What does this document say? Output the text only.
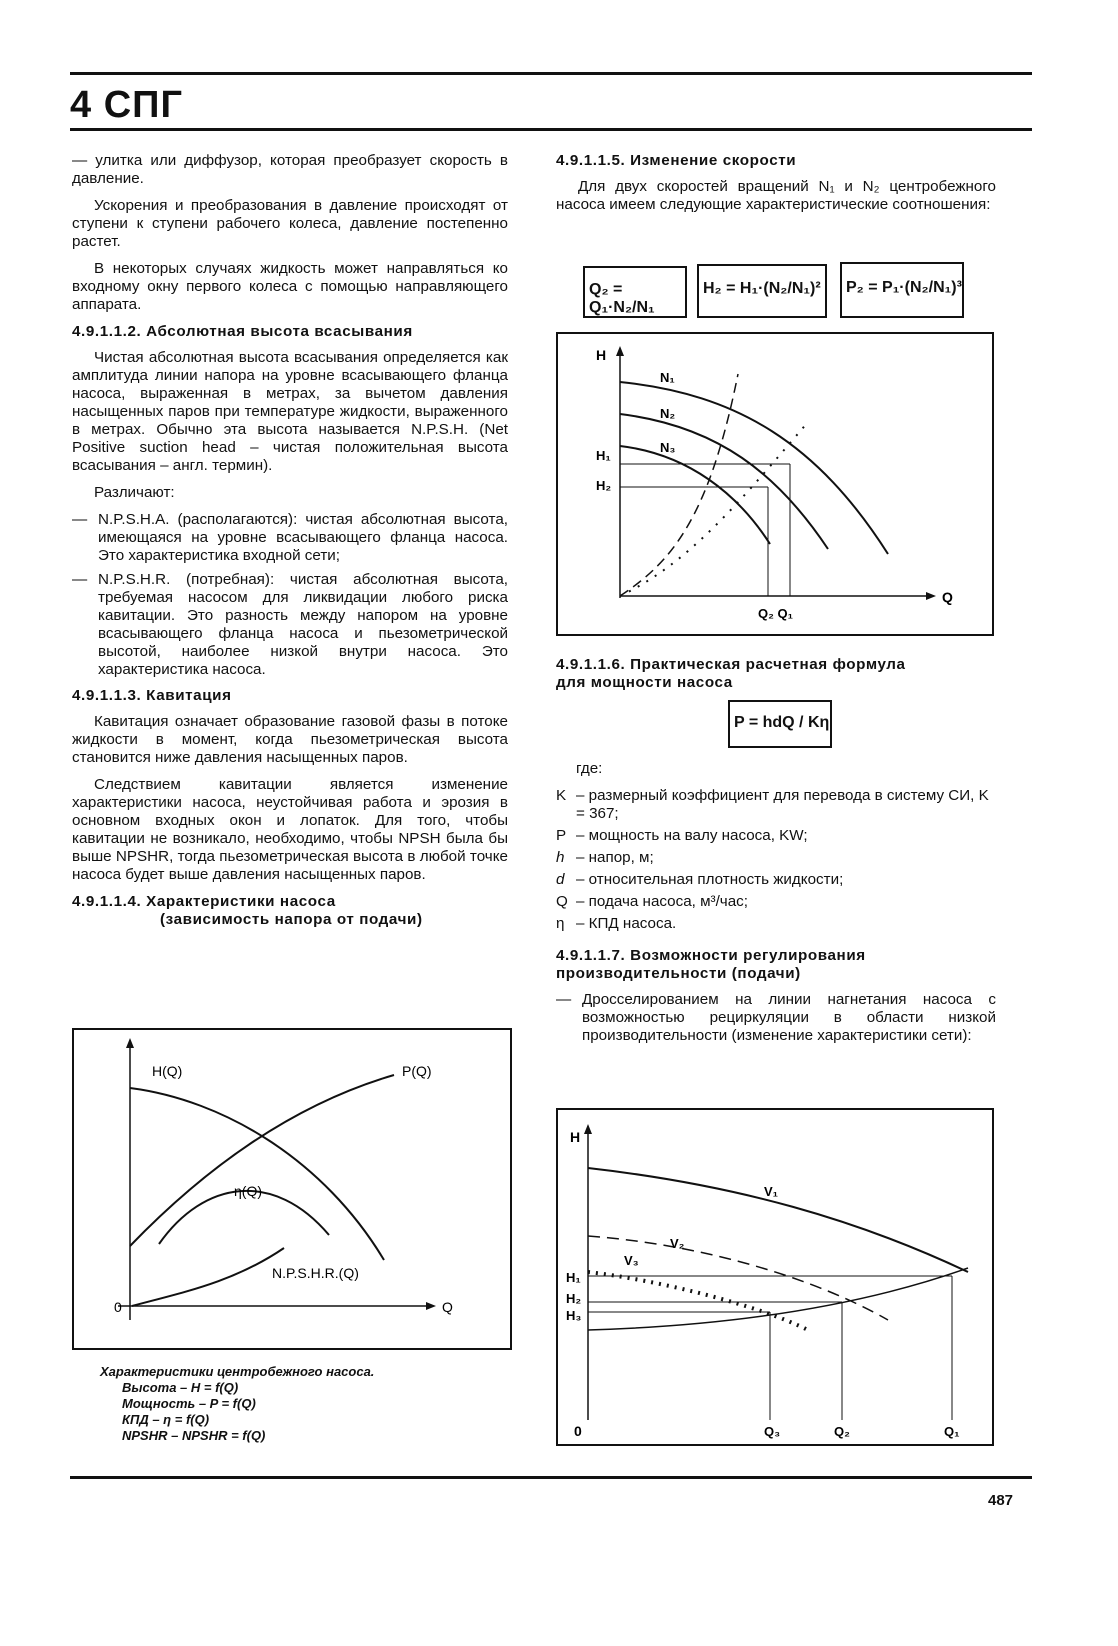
4 СПГ

— улитка или диффузор, которая преобразует скорость в давление.

Ускорения и преобразования в давление происходят от ступени к ступени рабочего колеса, давление постепенно растет.

В некоторых случаях жидкость может направляться ко входному окну первого колеса с помощью направляющего аппарата.

4.9.1.1.2. Абсолютная высота всасывания

Чистая абсолютная высота всасывания определяется как амплитуда линии напора на уровне всасывающего фланца насоса, выраженная в метрах, за вычетом давления насыщенных паров при температуре жидкости, выраженного в метрах. Обычно эта высота называется N.P.S.H. (Net Positive suction head – чистая положительная высота всасывания – англ. термин).

Различают:

— N.P.S.H.A. (располагаются): чистая абсолютная высота, имеющаяся на уровне всасывающего фланца насоса. Это характеристика входной сети;
— N.P.S.H.R. (потребная): чистая абсолютная высота, требуемая насосом для ликвидации любого риска кавитации. Это разность между напором на уровне всасывающего фланца насоса и пьезометрической высотой, наиболее низкой внутри насоса. Это характеристика насоса.
4.9.1.1.3. Кавитация

Кавитация означает образование газовой фазы в потоке жидкости в момент, когда пьезометрическая высота становится ниже давления насыщенных паров.

Следствием кавитации является изменение характеристики насоса, неустойчивая работа и эрозия в основном входных окон и лопаток. Для того, чтобы кавитации не возникало, необходимо, чтобы NPSH была бы выше NPSHR, тогда пьезометрическая высота в любой точке насоса будет выше давления насыщенных паров.

4.9.1.1.4. Характеристики насоса
(зависимость напора от подачи)
H(Q)	P(Q)
η(Q)
N.P.S.H.R.(Q)
0	Q
Характеристики центробежного насоса.
Высота – H = f(Q)
Мощность – P = f(Q)
КПД – η = f(Q)
NPSHR – NPSHR = f(Q)
4.9.1.1.5. Изменение скорости

Для двух скоростей вращений N₁ и N₂ центробежного насоса имеем следующие характеристические соотношения:

Q₂ = Q₁·N₂/N₁
H₂ = H₁·(N₂/N₁)² P₂ = P₁·(N₂/N₁)³
H
N₁
N₂
N₃
H₁
H₂
Q
Q₂ Q₁
4.9.1.1.6. Практическая расчетная формула
для мощности насоса
P = hdQ / Kη

где:

K – размерный коэффициент для перевода в систему СИ, K = 367;
P – мощность на валу насоса, KW;
h – напор, м;
d – относительная плотность жидкости;
Q – подача насоса, м³/час;
η – КПД насоса.
4.9.1.1.7. Возможности регулирования
производительности (подачи)
— Дросселированием на линии нагнетания насоса с возможностью рециркуляции в области низкой производительности (изменение характеристики сети):
H
V₁
V₂
V₃
H₁
H₂
H₃
0	Q₃	Q₂	Q₁
487
